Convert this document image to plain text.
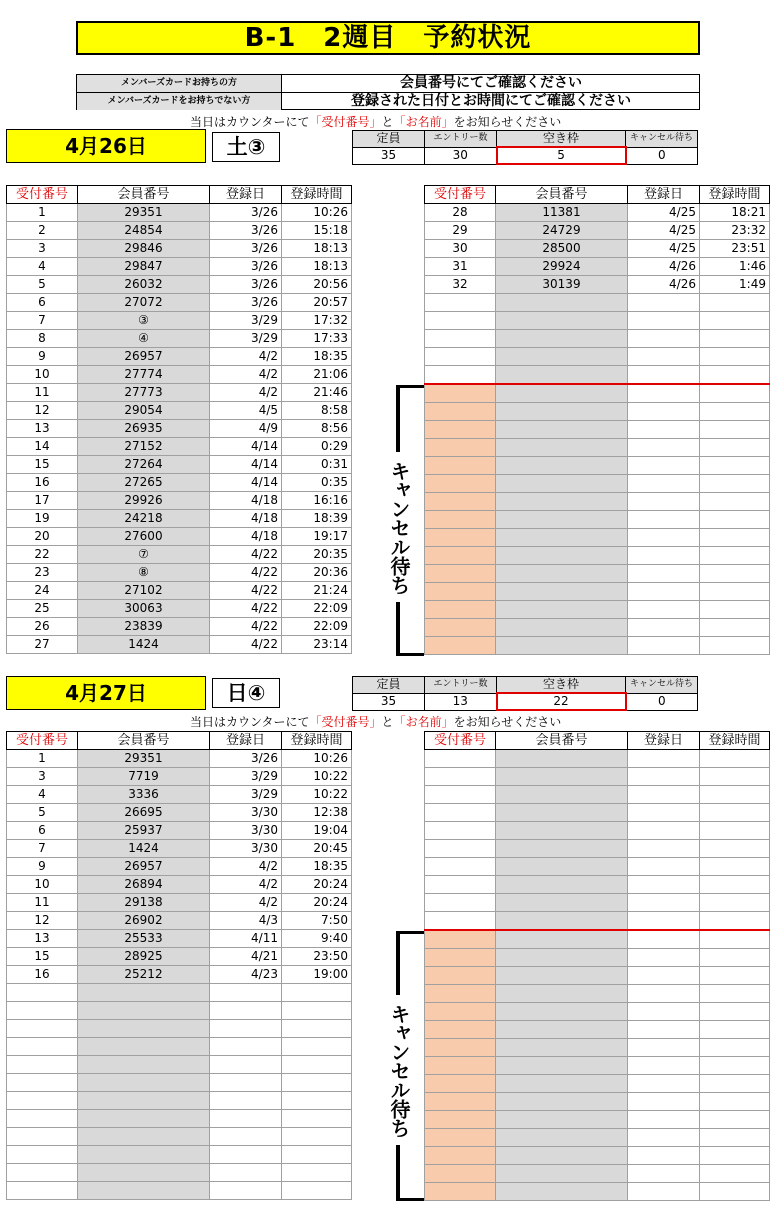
B-1　2週目　予約状況
メンバーズカードお持ちの方	会員番号にてご確認ください
メンバーズカードをお持ちでない方	登録された日付とお時間にてご確認ください
当日はカウンターにて「受付番号」と「お名前」をお知らせください
4月26日	土③	定員	エントリー数	空き枠	キャンセル待ち
35	30	5	0
受付番号	会員番号	登録日	登録時間
1	29351	3/26	10:26
2	24854	3/26	15:18
3	29846	3/26	18:13
4	29847	3/26	18:13
5	26032	3/26	20:56
6	27072	3/26	20:57
7	③	3/29	17:32
8	④	3/29	17:33
9	26957	4/2	18:35
10	27774	4/2	21:06
11	27773	4/2	21:46
12	29054	4/5	8:58
13	26935	4/9	8:56
14	27152	4/14	0:29
15	27264	4/14	0:31
16	27265	4/14	0:35
17	29926	4/18	16:16
19	24218	4/18	18:39
20	27600	4/18	19:17
22	⑦	4/22	20:35
23	⑧	4/22	20:36
24	27102	4/22	21:24
25	30063	4/22	22:09
26	23839	4/22	22:09
27	1424	4/22	23:14
受付番号	会員番号	登録日	登録時間
28	11381	4/25	18:21
29	24729	4/25	23:32
30	28500	4/25	23:51
31	29924	4/26	1:46
32	30139	4/26	1:49

キャンセル待ち
4月27日	日④	定員	エントリー数	空き枠	キャンセル待ち
35	13	22	0
当日はカウンターにて「受付番号」と「お名前」をお知らせください
受付番号	会員番号	登録日	登録時間
1	29351	3/26	10:26
3	7719	3/29	10:22
4	3336	3/29	10:22
5	26695	3/30	12:38
6	25937	3/30	19:04
7	1424	3/30	20:45
9	26957	4/2	18:35
10	26894	4/2	20:24
11	29138	4/2	20:24
12	26902	4/3	7:50
13	25533	4/11	9:40
15	28925	4/21	23:50
16	25212	4/23	19:00

受付番号	会員番号	登録日	登録時間

キャンセル待ち
